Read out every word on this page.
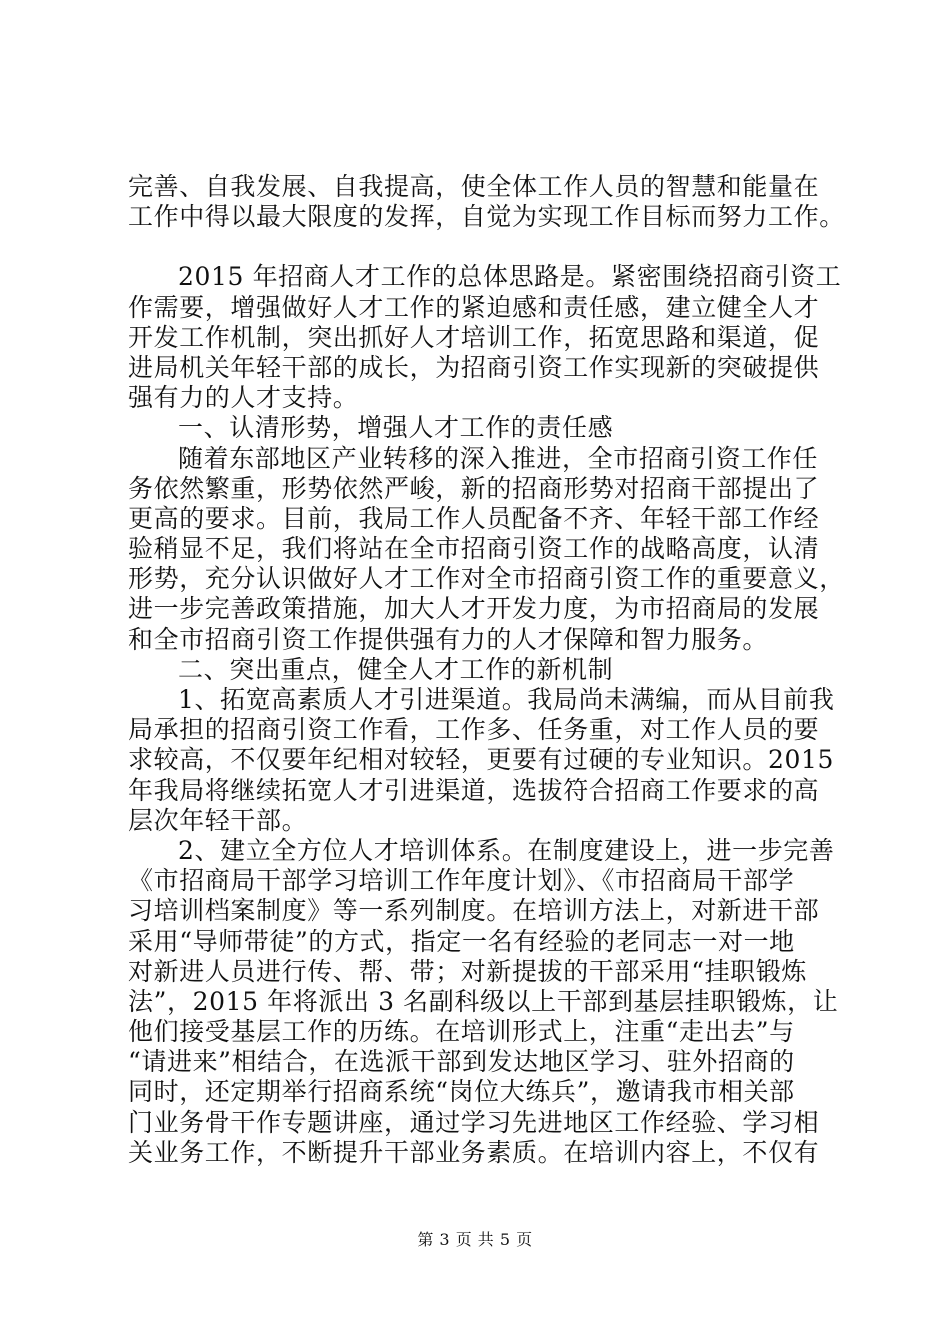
完善、自我发展、自我提高，使全体工作人员的智慧和能量在
工作中得以最大限度的发挥，自觉为实现工作目标而努力工作。
2015 年招商人才工作的总体思路是。紧密围绕招商引资工
作需要，增强做好人才工作的紧迫感和责任感，建立健全人才
开发工作机制，突出抓好人才培训工作，拓宽思路和渠道，促
进局机关年轻干部的成长，为招商引资工作实现新的突破提供
强有力的人才支持。
一、认清形势，增强人才工作的责任感
随着东部地区产业转移的深入推进，全市招商引资工作任
务依然繁重，形势依然严峻，新的招商形势对招商干部提出了
更高的要求。目前，我局工作人员配备不齐、年轻干部工作经
验稍显不足，我们将站在全市招商引资工作的战略高度，认清
形势，充分认识做好人才工作对全市招商引资工作的重要意义，
进一步完善政策措施，加大人才开发力度，为市招商局的发展
和全市招商引资工作提供强有力的人才保障和智力服务。
二、突出重点，健全人才工作的新机制
1、拓宽高素质人才引进渠道。我局尚未满编，而从目前我
局承担的招商引资工作看，工作多、任务重，对工作人员的要
求较高，不仅要年纪相对较轻，更要有过硬的专业知识。2015
年我局将继续拓宽人才引进渠道，选拔符合招商工作要求的高
层次年轻干部。
2、建立全方位人才培训体系。在制度建设上，进一步完善
《市招商局干部学习培训工作年度计划》、《市招商局干部学
习培训档案制度》等一系列制度。在培训方法上，对新进干部
采用“导师带徒”的方式，指定一名有经验的老同志一对一地
对新进人员进行传、帮、带；对新提拔的干部采用“挂职锻炼
法”，2015 年将派出 3 名副科级以上干部到基层挂职锻炼，让
他们接受基层工作的历练。在培训形式上，注重“走出去”与
“请进来”相结合，在选派干部到发达地区学习、驻外招商的
同时，还定期举行招商系统“岗位大练兵”，邀请我市相关部
门业务骨干作专题讲座，通过学习先进地区工作经验、学习相
关业务工作，不断提升干部业务素质。在培训内容上，不仅有
第 3 页 共 5 页
